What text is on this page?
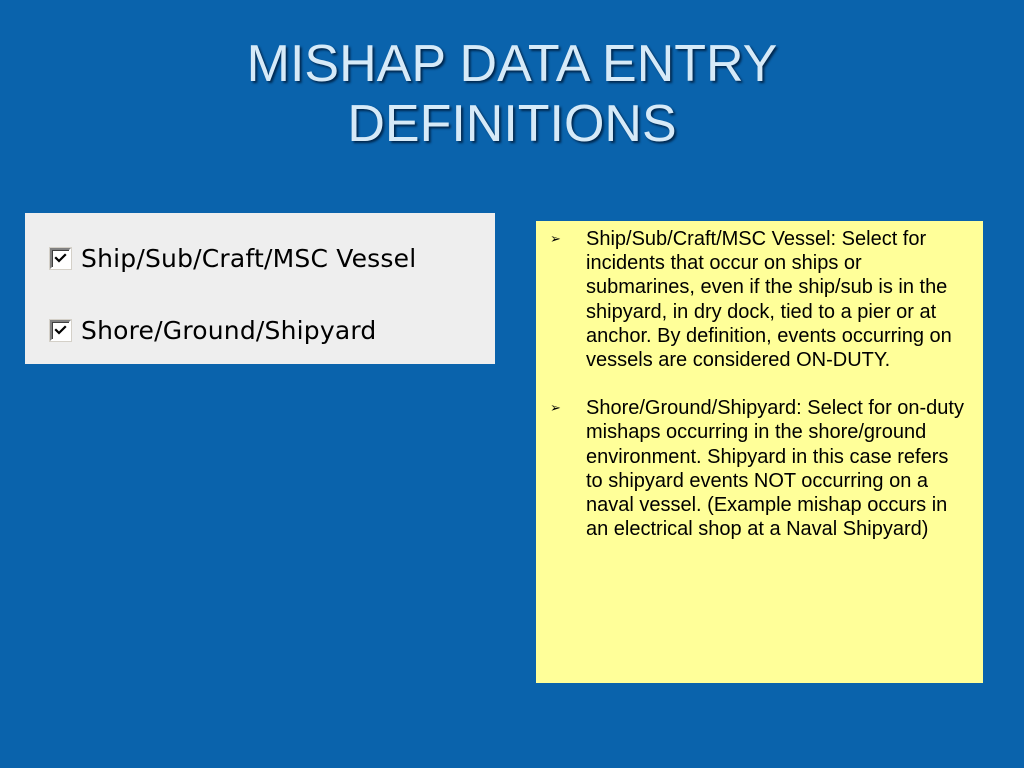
MISHAP DATA ENTRY
DEFINITIONS
Ship/Sub/Craft/MSC Vessel
Shore/Ground/Shipyard
➢	Ship/Sub/Craft/MSC Vessel: Select for incidents that occur on ships or submarines, even if the ship/sub is in the shipyard, in dry dock, tied to a pier or at anchor. By definition, events occurring on vessels are considered ON-DUTY.
➢	Shore/Ground/Shipyard: Select for on-duty mishaps occurring in the shore/ground environment. Shipyard in this case refers to shipyard events NOT occurring on a naval vessel. (Example mishap occurs in an electrical shop at a Naval Shipyard)
